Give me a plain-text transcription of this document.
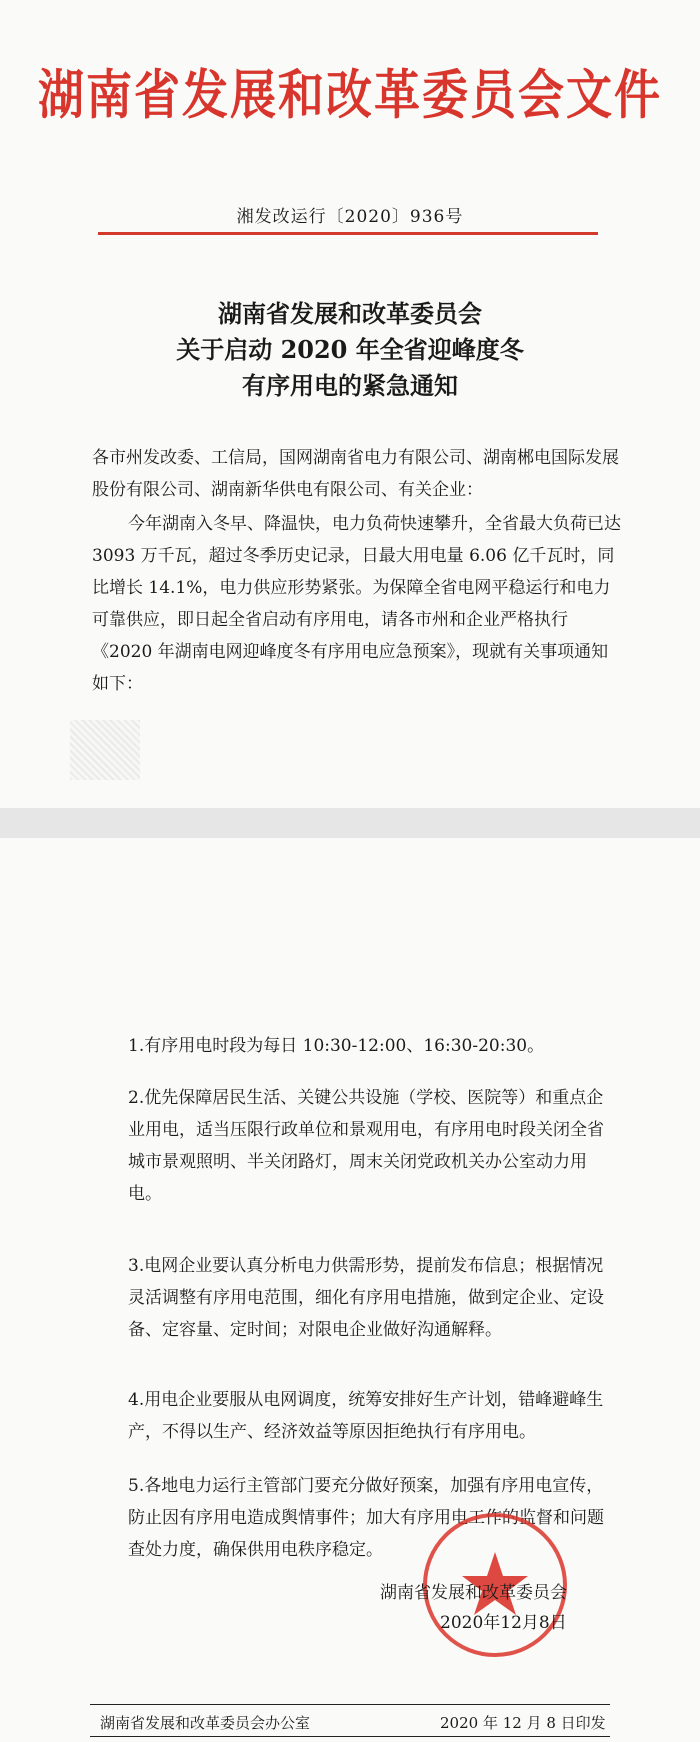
湖南省发展和改革委员会文件
湘发改运行〔2020〕936号
湖南省发展和改革委员会
关于启动 2020 年全省迎峰度冬
有序用电的紧急通知
各市州发改委、工信局，国网湖南省电力有限公司、湖南郴电国际发展股份有限公司、湖南新华供电有限公司、有关企业：
今年湖南入冬早、降温快，电力负荷快速攀升，全省最大负荷已达 3093 万千瓦，超过冬季历史记录，日最大用电量 6.06 亿千瓦时，同比增长 14.1%，电力供应形势紧张。为保障全省电网平稳运行和电力可靠供应，即日起全省启动有序用电，请各市州和企业严格执行《2020 年湖南电网迎峰度冬有序用电应急预案》，现就有关事项通知如下：
1.有序用电时段为每日 10:30-12:00、16:30-20:30。
2.优先保障居民生活、关键公共设施（学校、医院等）和重点企业用电，适当压限行政单位和景观用电，有序用电时段关闭全省城市景观照明、半关闭路灯，周末关闭党政机关办公室动力用电。
3.电网企业要认真分析电力供需形势，提前发布信息；根据情况灵活调整有序用电范围，细化有序用电措施，做到定企业、定设备、定容量、定时间；对限电企业做好沟通解释。
4.用电企业要服从电网调度，统筹安排好生产计划，错峰避峰生产，不得以生产、经济效益等原因拒绝执行有序用电。
5.各地电力运行主管部门要充分做好预案，加强有序用电宣传，防止因有序用电造成舆情事件；加大有序用电工作的监督和问题查处力度，确保供用电秩序稳定。
湖南省发展和改革委员会
2020年12月8日
湖南省发展和改革委员会办公室	2020 年 12 月 8 日印发
